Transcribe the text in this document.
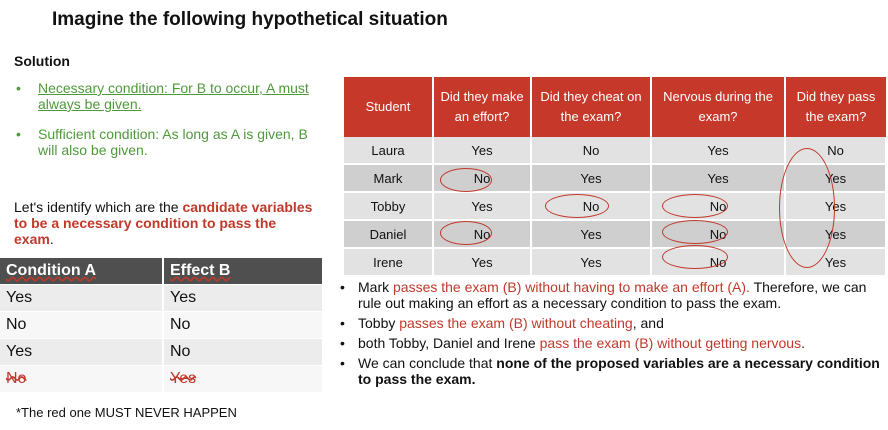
Imagine the following hypothetical situation
Solution
•	Necessary condition: For B to occur, A must always be given.
•	Sufficient condition: As long as A is given, B will also be given.
Let's identify which are the candidate variables to be a necessary condition to pass the exam.
Condition A	Effect B
Yes	Yes
No	No
Yes	No
No	Yes
*The red one MUST NEVER HAPPEN
Student	Did they make an effort?	Did they cheat on the exam?	Nervous during the exam?	Did they pass the exam?
Laura	Yes	No	Yes	No
Mark	No	Yes	Yes	Yes
Tobby	Yes	No	No	Yes
Daniel	No	Yes	No	Yes
Irene	Yes	Yes	No	Yes
• Mark passes the exam (B) without having to make an effort (A). Therefore, we can rule out making an effort as a necessary condition to pass the exam.
• Tobby passes the exam (B) without cheating, and
• both Tobby, Daniel and Irene pass the exam (B) without getting nervous.
• We can conclude that none of the proposed variables are a necessary condition to pass the exam.
